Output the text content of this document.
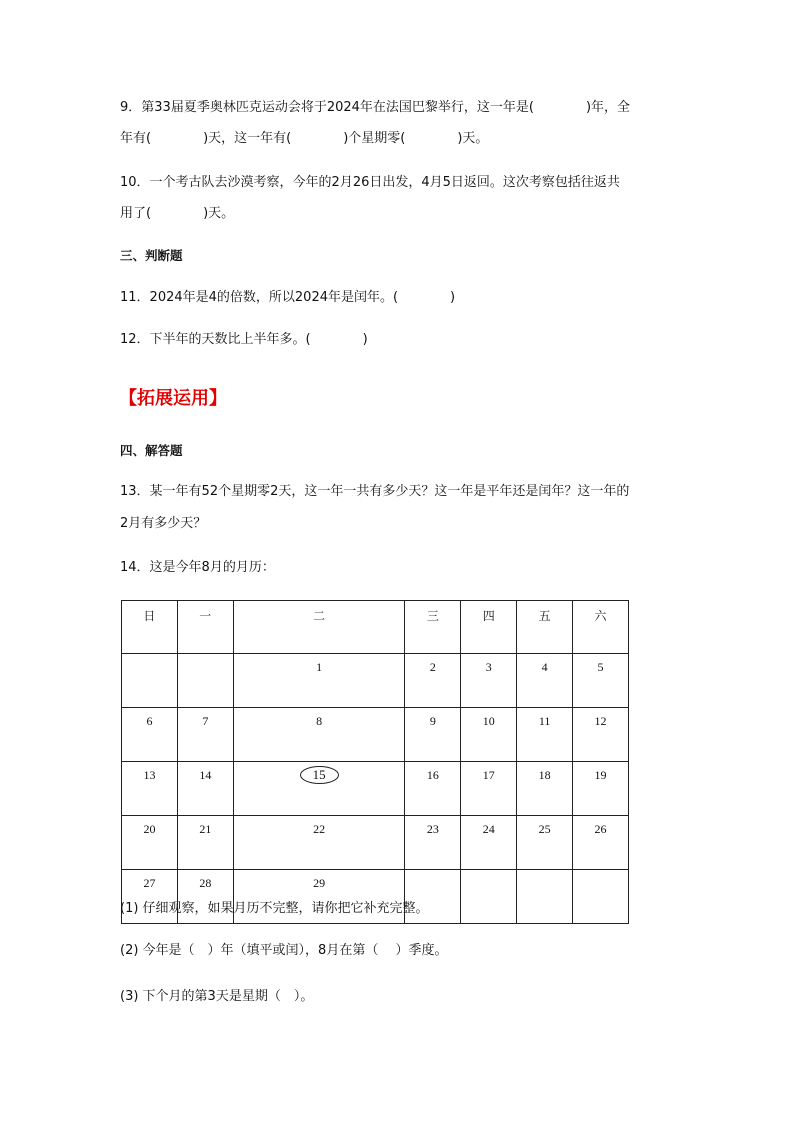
9．第33届夏季奥林匹克运动会将于2024年在法国巴黎举行，这一年是(　　　　)年，全
年有(　　　　)天，这一年有(　　　　)个星期零(　　　　)天。
10．一个考古队去沙漠考察，今年的2月26日出发，4月5日返回。这次考察包括往返共
用了(　　　　)天。
三、判断题
11．2024年是4的倍数，所以2024年是闰年。(　　　　)
12．下半年的天数比上半年多。(　　　　)
【拓展运用】
四、解答题
13．某一年有52个星期零2天，这一年一共有多少天？这一年是平年还是闰年？这一年的
2月有多少天？
14．这是今年8月的月历：
日	一	二	三	四	五	六
		1	2	3	4	5
6	7	8	9	10	11	12
13	14	15	16	17	18	19
20	21	22	23	24	25	26
27	28	29				
(1) 仔细观察，如果月历不完整，请你把它补充完整。
(2) 今年是（　）年（填平或闰），8月在第（　 ）季度。
(3) 下个月的第3天是星期（　）。
